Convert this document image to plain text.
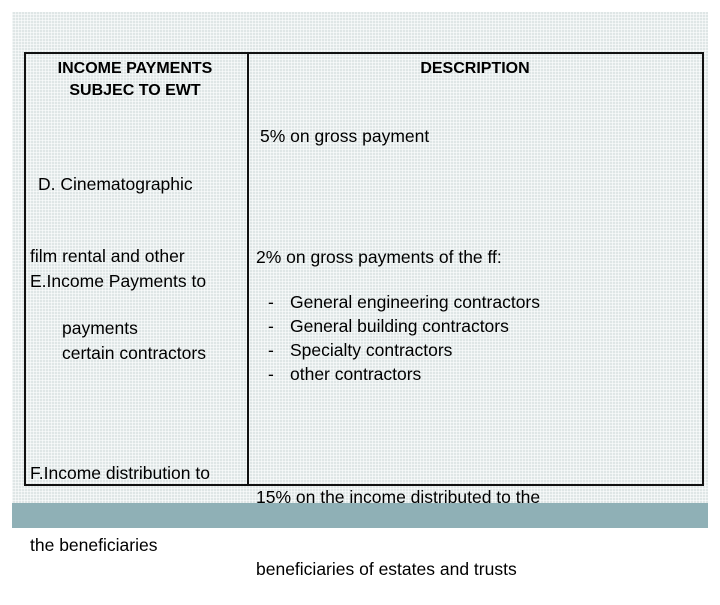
INCOME PAYMENTS
SUBJEC TO EWT
DESCRIPTION

D. Cinematographic

film rental and other

payments

5% on gross payment

E.Income Payments to

certain contractors

2% on gross payments of the ff:
- General engineering contractors
- General building contractors
- Specialty contractors
- other contractors

F.Income distribution to

the beneficiaries

15% on the income distributed to the

beneficiaries of estates and trusts
